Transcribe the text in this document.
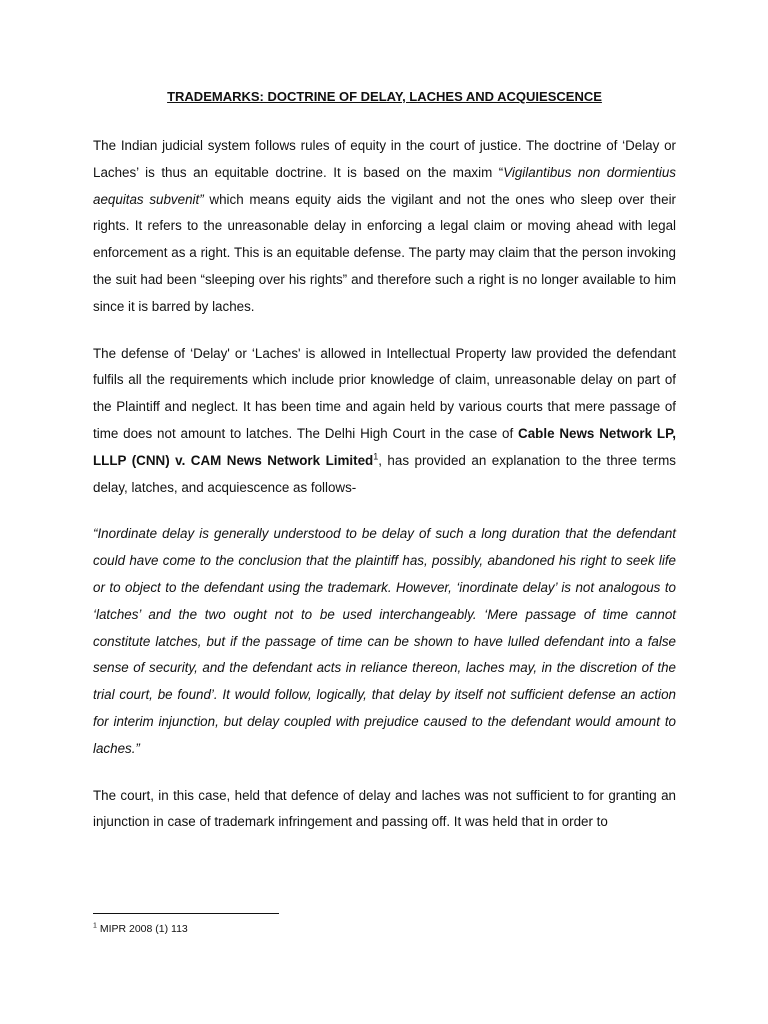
TRADEMARKS: DOCTRINE OF DELAY, LACHES AND ACQUIESCENCE

The Indian judicial system follows rules of equity in the court of justice. The doctrine of ‘Delay or Laches’ is thus an equitable doctrine. It is based on the maxim “Vigilantibus non dormientius aequitas subvenit” which means equity aids the vigilant and not the ones who sleep over their rights. It refers to the unreasonable delay in enforcing a legal claim or moving ahead with legal enforcement as a right. This is an equitable defense. The party may claim that the person invoking the suit had been “sleeping over his rights” and therefore such a right is no longer available to him since it is barred by laches.

The defense of ‘Delay' or ‘Laches' is allowed in Intellectual Property law provided the defendant fulfils all the requirements which include prior knowledge of claim, unreasonable delay on part of the Plaintiff and neglect. It has been time and again held by various courts that mere passage of time does not amount to latches. The Delhi High Court in the case of Cable News Network LP, LLLP (CNN) v. CAM News Network Limited$^1$, has provided an explanation to the three terms delay, latches, and acquiescence as follows-

“Inordinate delay is generally understood to be delay of such a long duration that the defendant could have come to the conclusion that the plaintiff has, possibly, abandoned his right to seek life or to object to the defendant using the trademark. However, ‘inordinate delay’ is not analogous to ‘latches’ and the two ought not to be used interchangeably. ‘Mere passage of time cannot constitute latches, but if the passage of time can be shown to have lulled defendant into a false sense of security, and the defendant acts in reliance thereon, laches may, in the discretion of the trial court, be found’. It would follow, logically, that delay by itself not sufficient defense an action for interim injunction, but delay coupled with prejudice caused to the defendant would amount to laches.”

The court, in this case, held that defence of delay and laches was not sufficient to for granting an injunction in case of trademark infringement and passing off. It was held that in order to

$^1$ MIPR 2008 (1) 113
